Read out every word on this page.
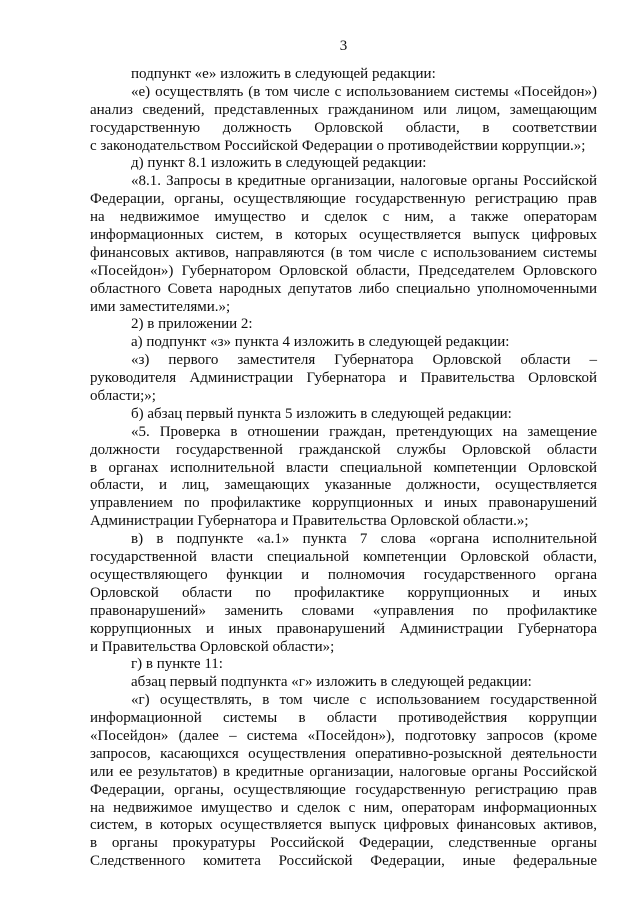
3
подпункт «е» изложить в следующей редакции:
«е) осуществлять (в том числе с использованием системы «Посейдон»)
анализ сведений, представленных гражданином или лицом, замещающим
государственную должность Орловской области, в соответствии
с законодательством Российской Федерации о противодействии коррупции.»;
д) пункт 8.1 изложить в следующей редакции:
«8.1. Запросы в кредитные организации, налоговые органы Российской
Федерации, органы, осуществляющие государственную регистрацию прав
на недвижимое имущество и сделок с ним, а также операторам
информационных систем, в которых осуществляется выпуск цифровых
финансовых активов, направляются (в том числе с использованием системы
«Посейдон») Губернатором Орловской области, Председателем Орловского
областного Совета народных депутатов либо специально уполномоченными
ими заместителями.»;
2) в приложении 2:
а) подпункт «з» пункта 4 изложить в следующей редакции:
«з) первого заместителя Губернатора Орловской области –
руководителя Администрации Губернатора и Правительства Орловской
области;»;
б) абзац первый пункта 5 изложить в следующей редакции:
«5. Проверка в отношении граждан, претендующих на замещение
должности государственной гражданской службы Орловской области
в органах исполнительной власти специальной компетенции Орловской
области, и лиц, замещающих указанные должности, осуществляется
управлением по профилактике коррупционных и иных правонарушений
Администрации Губернатора и Правительства Орловской области.»;
в) в подпункте «а.1» пункта 7 слова «органа исполнительной
государственной власти специальной компетенции Орловской области,
осуществляющего функции и полномочия государственного органа
Орловской области по профилактике коррупционных и иных
правонарушений» заменить словами «управления по профилактике
коррупционных и иных правонарушений Администрации Губернатора
и Правительства Орловской области»;
г) в пункте 11:
абзац первый подпункта «г» изложить в следующей редакции:
«г) осуществлять, в том числе с использованием государственной
информационной системы в области противодействия коррупции
«Посейдон» (далее – система «Посейдон»), подготовку запросов (кроме
запросов, касающихся осуществления оперативно-розыскной деятельности
или ее результатов) в кредитные организации, налоговые органы Российской
Федерации, органы, осуществляющие государственную регистрацию прав
на недвижимое имущество и сделок с ним, операторам информационных
систем, в которых осуществляется выпуск цифровых финансовых активов,
в органы прокуратуры Российской Федерации, следственные органы
Следственного комитета Российской Федерации, иные федеральные
